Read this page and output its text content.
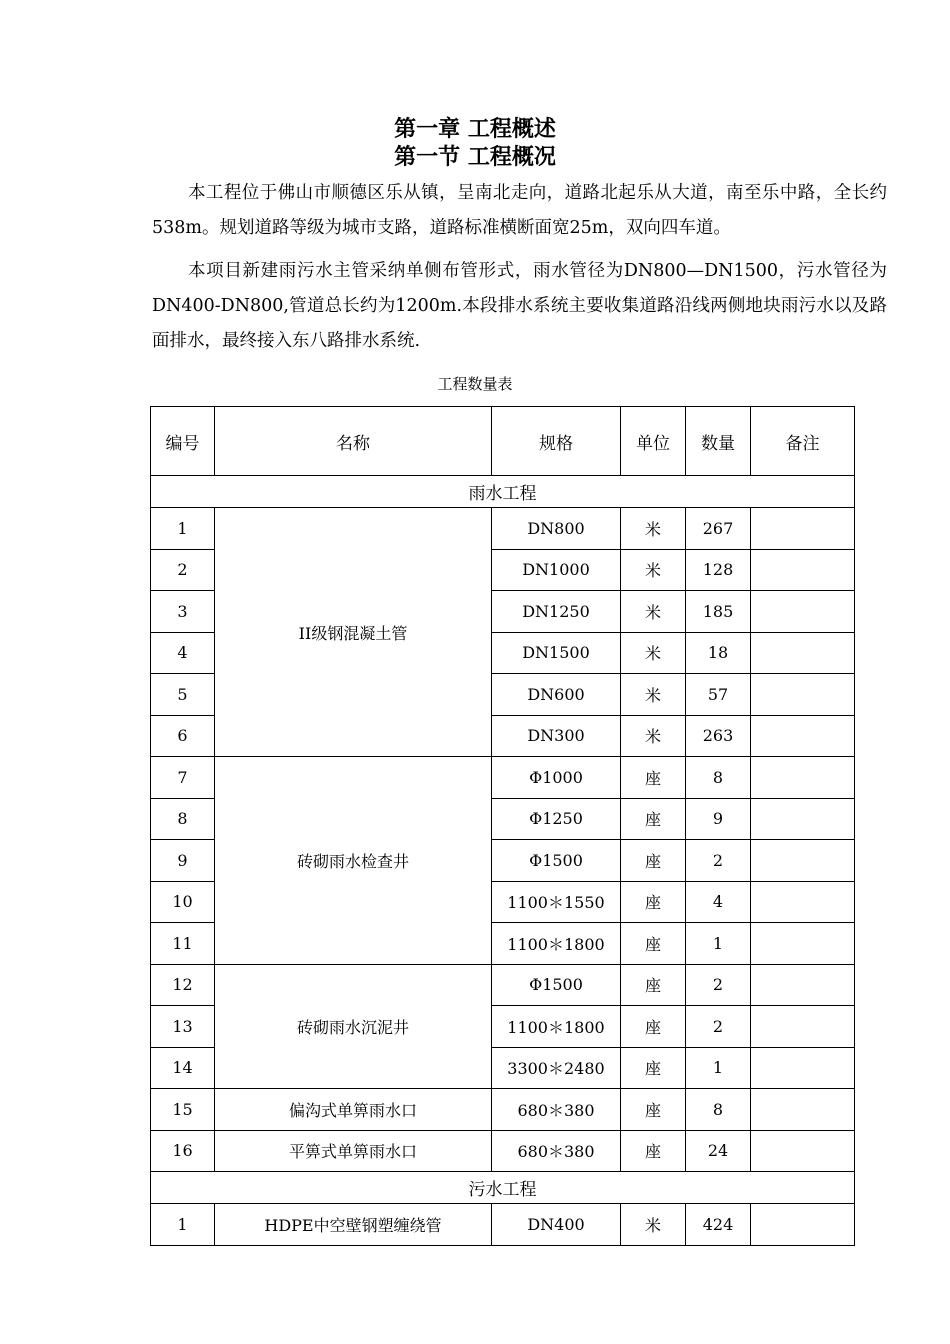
第一章 工程概述
第一节 工程概况

本工程位于佛山市顺德区乐从镇，呈南北走向，道路北起乐从大道，南至乐中路，全长约538m。规划道路等级为城市支路，道路标准横断面宽25m，双向四车道。

本项目新建雨污水主管采纳单侧布管形式，雨水管径为DN800—DN1500，污水管径为DN400-DN800,管道总长约为1200m.本段排水系统主要收集道路沿线两侧地块雨污水以及路面排水，最终接入东八路排水系统.

工程数量表
编号	名称	规格	单位	数量	备注
雨水工程					
1	II级钢混凝土管	DN800	米	267	
2		DN1000	米	128	
3		DN1250	米	185	
4		DN1500	米	18	
5		DN600	米	57	
6		DN300	米	263	
7	砖砌雨水检查井	Φ1000	座	8	
8		Φ1250	座	9	
9		Φ1500	座	2	
10		1100＊1550	座	4	
11		1100＊1800	座	1	
12	砖砌雨水沉泥井	Φ1500	座	2	
13		1100＊1800	座	2	
14		3300＊2480	座	1	
15	偏沟式单箅雨水口	680＊380	座	8	
16	平箅式单箅雨水口	680＊380	座	24	
污水工程					
1	HDPE中空壁钢塑缠绕管	DN400	米	424	
